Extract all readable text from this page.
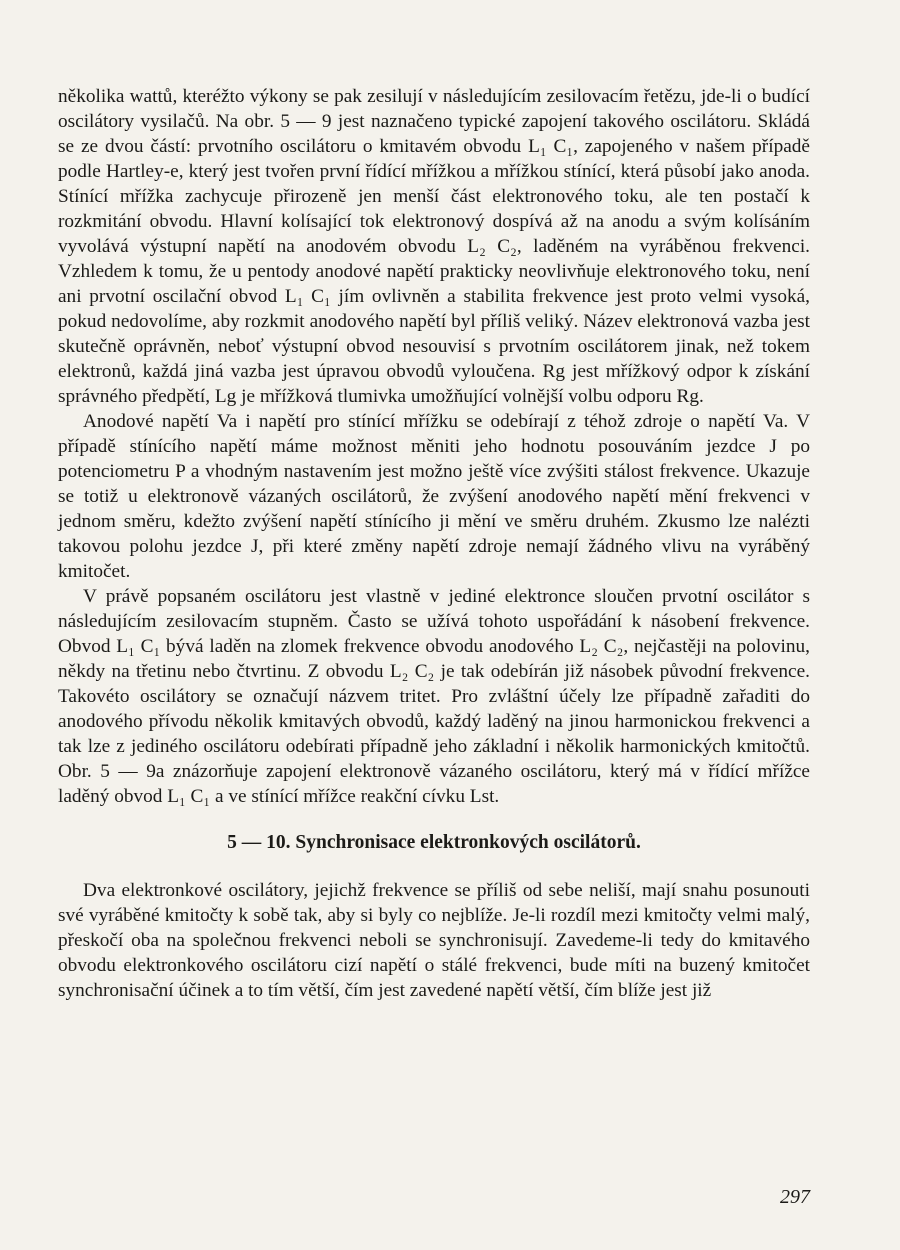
několika wattů, kteréžto výkony se pak zesilují v následujícím zesilovacím řetězu, jde-li o budící oscilátory vysilačů. Na obr. 5 — 9 jest naznačeno typické zapojení takového oscilátoru. Skládá se ze dvou částí: prvotního oscilátoru o kmitavém obvodu L₁ C₁, zapojeného v našem případě podle Hartley-e, který jest tvořen první řídící mřížkou a mřížkou stínící, která působí jako anoda. Stínící mřížka zachycuje přirozeně jen menší část elektronového toku, ale ten postačí k rozkmitání obvodu. Hlavní kolísající tok elektronový dospívá až na anodu a svým kolísáním vyvolává výstupní napětí na anodovém obvodu L₂ C₂, laděném na vyráběnou frekvenci. Vzhledem k tomu, že u pentody anodové napětí prakticky neovlivňuje elektronového toku, není ani prvotní oscilační obvod L₁ C₁ jím ovlivněn a stabilita frekvence jest proto velmi vysoká, pokud nedovolíme, aby rozkmit anodového napětí byl příliš veliký. Název elektronová vazba jest skutečně oprávněn, neboť výstupní obvod nesouvisí s prvotním oscilátorem jinak, než tokem elektronů, každá jiná vazba jest úpravou obvodů vyloučena. Rg jest mřížkový odpor k získání správného předpětí, Lg je mřížková tlumivka umožňující volnější volbu odporu Rg.

Anodové napětí Va i napětí pro stínící mřížku se odebírají z téhož zdroje o napětí Va. V případě stínícího napětí máme možnost měniti jeho hodnotu posouváním jezdce J po potenciometru P a vhodným nastavením jest možno ještě více zvýšiti stálost frekvence. Ukazuje se totiž u elektronově vázaných oscilátorů, že zvýšení anodového napětí mění frekvenci v jednom směru, kdežto zvýšení napětí stínícího ji mění ve směru druhém. Zkusmo lze nalézti takovou polohu jezdce J, při které změny napětí zdroje nemají žádného vlivu na vyráběný kmitočet.

V právě popsaném oscilátoru jest vlastně v jediné elektronce sloučen prvotní oscilátor s následujícím zesilovacím stupněm. Často se užívá tohoto uspořádání k násobení frekvence. Obvod L₁ C₁ bývá laděn na zlomek frekvence obvodu anodového L₂ C₂, nejčastěji na polovinu, někdy na třetinu nebo čtvrtinu. Z obvodu L₂ C₂ je tak odebírán již násobek původní frekvence. Takovéto oscilátory se označují názvem tritet. Pro zvláštní účely lze případně zařaditi do anodového přívodu několik kmitavých obvodů, každý laděný na jinou harmonickou frekvenci a tak lze z jediného oscilátoru odebírati případně jeho základní i několik harmonických kmitočtů. Obr. 5 — 9a znázorňuje zapojení elektronově vázaného oscilátoru, který má v řídící mřížce laděný obvod L₁ C₁ a ve stínící mřížce reakční cívku Lst.

5 — 10. Synchronisace elektronkových oscilátorů.

Dva elektronkové oscilátory, jejichž frekvence se příliš od sebe neliší, mají snahu posunouti své vyráběné kmitočty k sobě tak, aby si byly co nejblíže. Je-li rozdíl mezi kmitočty velmi malý, přeskočí oba na společnou frekvenci neboli se synchronisují. Zavedeme-li tedy do kmitavého obvodu elektronkového oscilátoru cizí napětí o stálé frekvenci, bude míti na buzený kmitočet synchronisační účinek a to tím větší, čím jest zavedené napětí větší, čím blíže jest již

297
